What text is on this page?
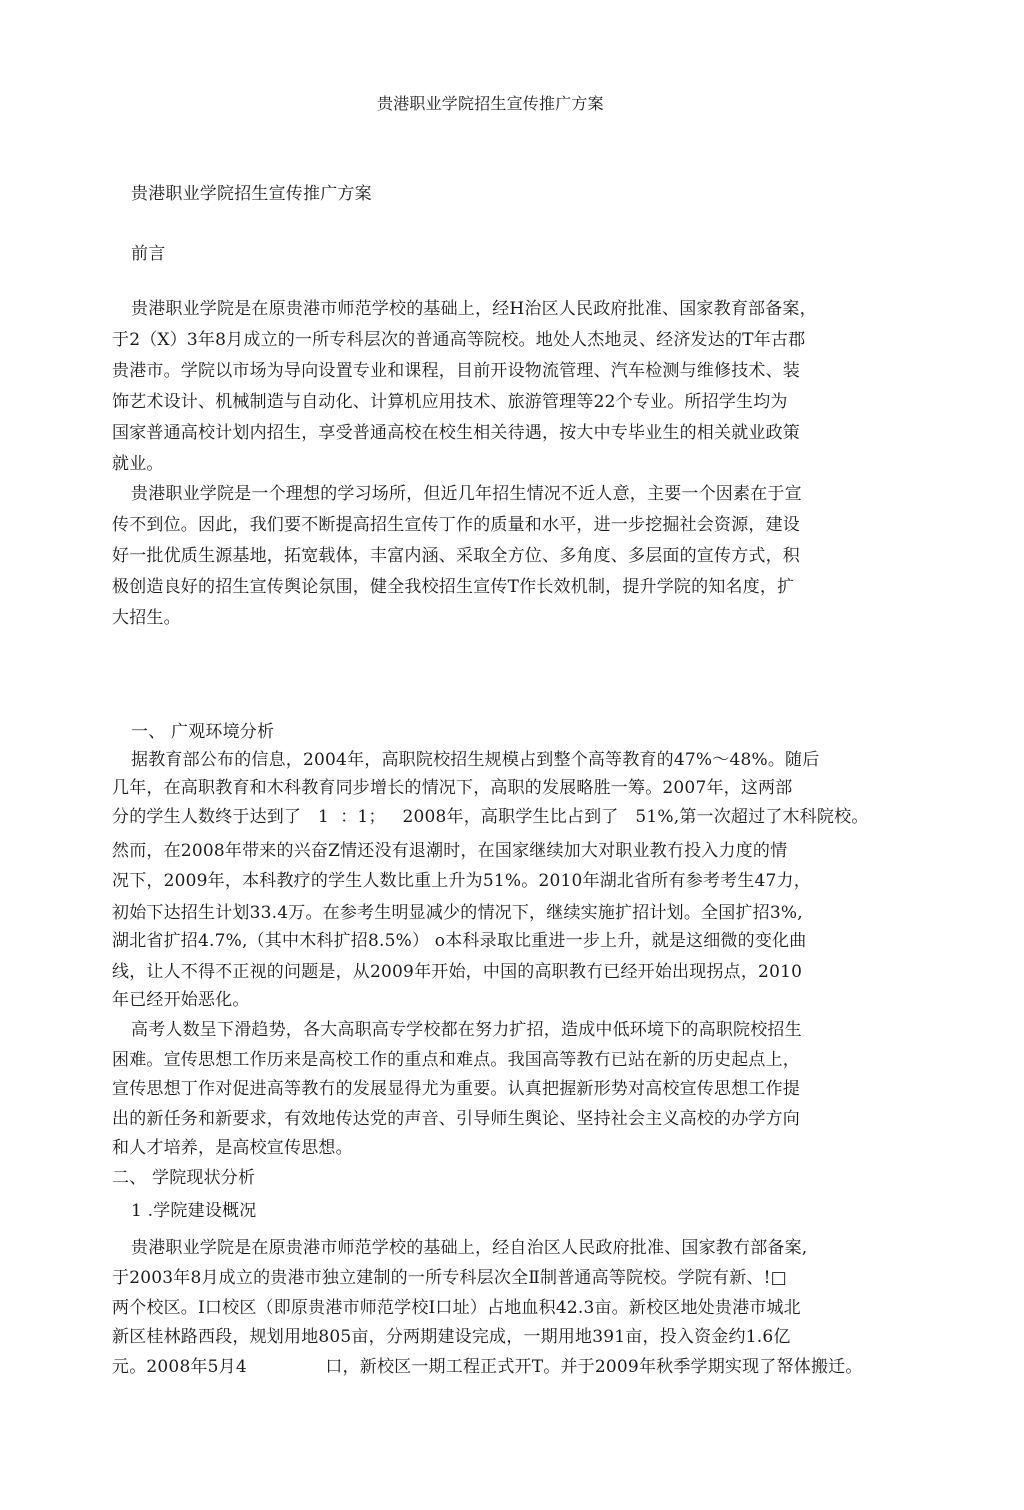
贵港职业学院招生宣传推广方案
贵港职业学院招生宣传推广方案
前言
贵港职业学院是在原贵港市师范学校的基础上，经H治区人民政府批准、国家教育部备案，
于2（X）3年8月成立的一所专科层次的普通高等院校。地处人杰地灵、经济发达的T年古郡
贵港市。学院以市场为导向设置专业和课程，目前开设物流管理、汽车检测与维修技术、装
饰艺术设计、机械制造与自动化、计算机应用技术、旅游管理等22个专业。所招学生均为
国家普通高校计划内招生，享受普通高校在校生相关待遇，按大中专毕业生的相关就业政策
就业。
贵港职业学院是一个理想的学习场所，但近几年招生情况不近人意，主要一个因素在于宣
传不到位。因此，我们要不断提高招生宣传丁作的质量和水平，进一步挖掘社会资源，建设
好一批优质生源基地，拓宽载体，丰富内涵、采取全方位、多角度、多层面的宣传方式，积
极创造良好的招生宣传舆论氛围，健全我校招生宣传T作长效机制，提升学院的知名度，扩
大招生。
一、 广观环境分析
据教育部公布的信息，2004年，高职院校招生规模占到整个高等教育的47%～48%。随后
几年，在高职教育和木科教育同步增长的情况下，高职的发展略胜一筹。2007年，这两部
分的学生人数终于达到了   1  ：1；   2008年，高职学生比占到了   51%,第一次超过了木科院校。
然而，在2008年带来的兴奋Z情还没有退潮时，在国家继续加大对职业教冇投入力度的情
况下，2009年，本科教疗的学生人数比重上升为51%。2010年湖北省所有参考考生47力，
初始下达招生计划33.4万。在参考生明显减少的情况下，继续实施扩招计划。全国扩招3%,
湖北省扩招4.7%,（其中木科扩招8.5%） o本科录取比重进一步上升，就是这细微的变化曲
线，让人不得不正视的问题是，从2009年开始，中国的高职教冇已经开始出现拐点，2010
年已经开始恶化。
高考人数呈下滑趋势，各大高职高专学校都在努力扩招，造成中低环境下的高职院校招生
困难。宣传思想工作历来是高校工作的重点和难点。我国高等教冇已站在新的历史起点上，
宣传思想丁作对促进高等教冇的发展显得尤为重要。认真把握新形势对高校宣传思想工作提
出的新任务和新要求，有效地传达党的声音、引导师生舆论、坚持社会主义高校的办学方向
和人才培养，是高校宣传思想。
二、 学院现状分析
1 .学院建设概况
贵港职业学院是在原贵港市师范学校的基础上，经自治区人民政府批准、国家教冇部备案,
于2003年8月成立的贵港市独立建制的一所专科层次全Ⅱ制普通高等院校。学院有新、!□
两个校区。I口校区（即原贵港市师范学校I口址）占地血积42.3亩。新校区地处贵港市城北
新区桂林路西段，规划用地805亩，分两期建设完成，一期用地391亩，投入资金约1.6亿
元。2008年5月4              口，新校区一期工程正式开T。并于2009年秋季学期实现了帑体搬迁。
